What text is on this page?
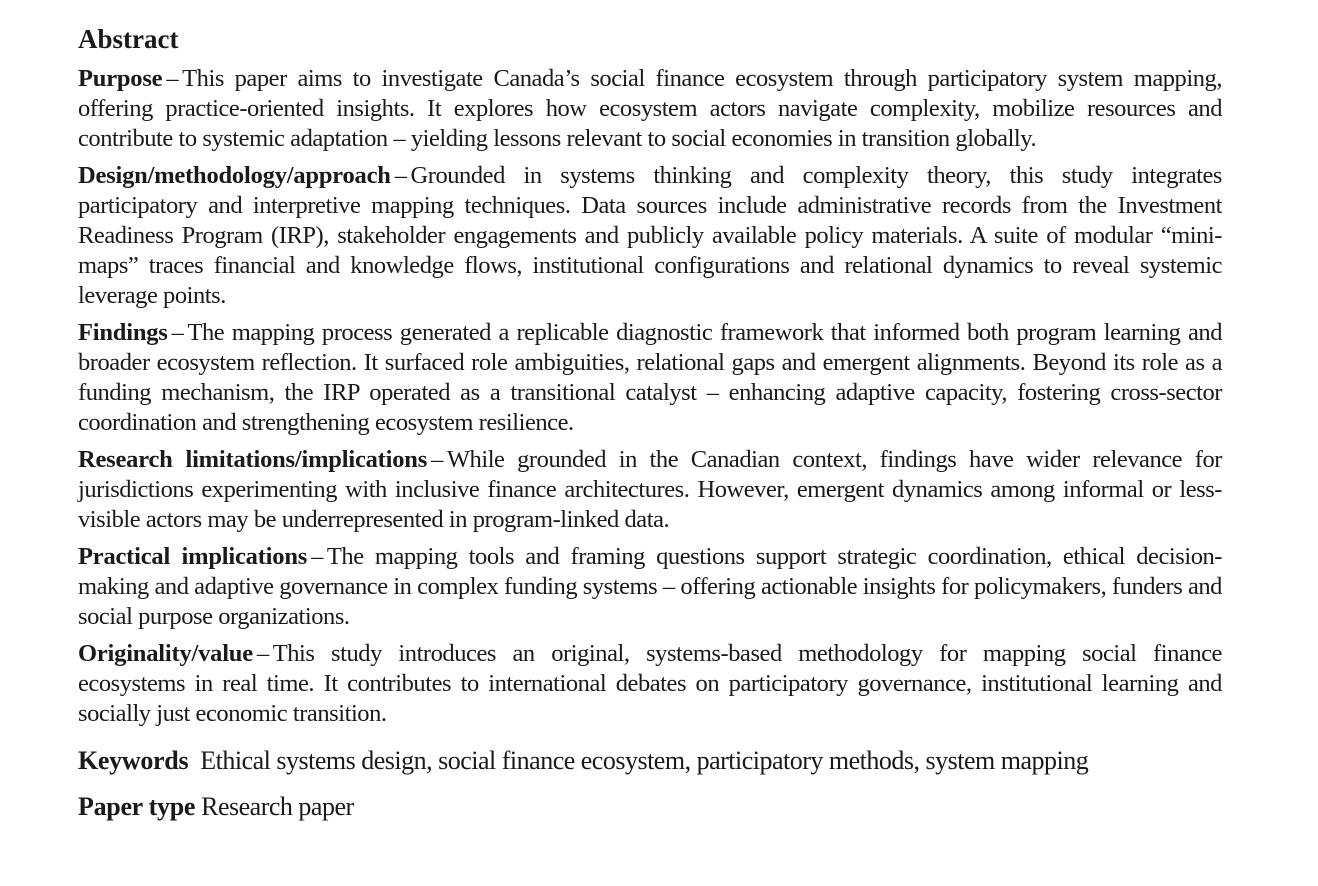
Abstract

Purpose – This paper aims to investigate Canada’s social finance ecosystem through participatory system mapping, offering practice-oriented insights. It explores how ecosystem actors navigate complexity, mobilize resources and contribute to systemic adaptation – yielding lessons relevant to social economies in transition globally.

Design/methodology/approach – Grounded in systems thinking and complexity theory, this study integrates participatory and interpretive mapping techniques. Data sources include administrative records from the Investment Readiness Program (IRP), stakeholder engagements and publicly available policy materials. A suite of modular “mini-maps” traces financial and knowledge flows, institutional configurations and relational dynamics to reveal systemic leverage points.

Findings – The mapping process generated a replicable diagnostic framework that informed both program learning and broader ecosystem reflection. It surfaced role ambiguities, relational gaps and emergent alignments. Beyond its role as a funding mechanism, the IRP operated as a transitional catalyst – enhancing adaptive capacity, fostering cross-sector coordination and strengthening ecosystem resilience.

Research limitations/implications – While grounded in the Canadian context, findings have wider relevance for jurisdictions experimenting with inclusive finance architectures. However, emergent dynamics among informal or less-visible actors may be underrepresented in program-linked data.

Practical implications – The mapping tools and framing questions support strategic coordination, ethical decision-making and adaptive governance in complex funding systems – offering actionable insights for policymakers, funders and social purpose organizations.

Originality/value – This study introduces an original, systems-based methodology for mapping social finance ecosystems in real time. It contributes to international debates on participatory governance, institutional learning and socially just economic transition.

Keywords Ethical systems design, social finance ecosystem, participatory methods, system mapping
Paper type Research paper
